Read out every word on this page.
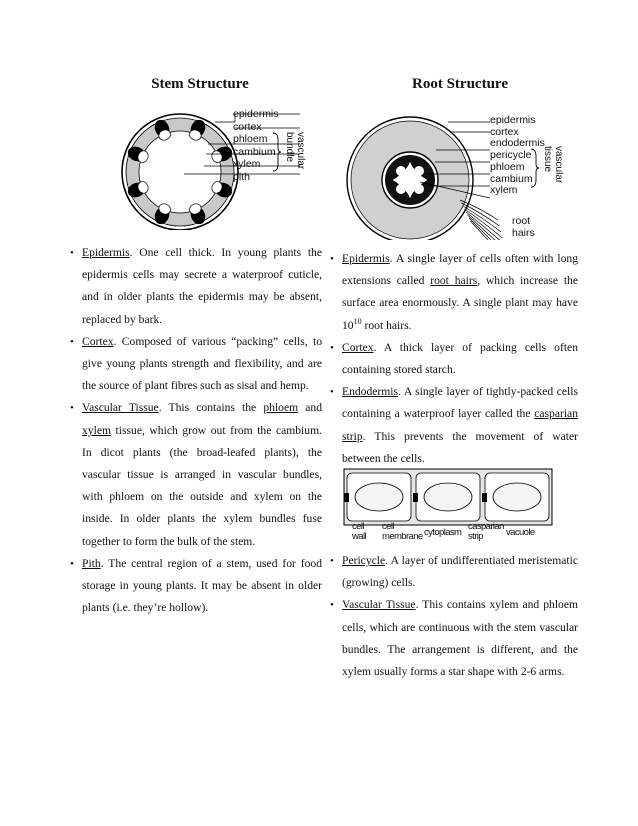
Stem Structure	Root Structure
epidermis
cortex
phloem
cambium
xylem
pith
vascular bundle
epidermis
cortex
endodermis
pericycle
phloem
cambium
xylem
vascular tissue
root hairs
• Epidermis. One cell thick. In young plants the epidermis cells may secrete a waterproof cuticle, and in older plants the epidermis may be absent, replaced by bark.
• Cortex. Composed of various “packing” cells, to give young plants strength and flexibility, and are the source of plant fibres such as sisal and hemp.
• Vascular Tissue. This contains the phloem and xylem tissue, which grow out from the cambium. In dicot plants (the broad-leafed plants), the vascular tissue is arranged in vascular bundles, with phloem on the outside and xylem on the inside. In older plants the xylem bundles fuse together to form the bulk of the stem.
• Pith. The central region of a stem, used for food storage in young plants. It may be absent in older plants (i.e. they’re hollow).
• Epidermis. A single layer of cells often with long extensions called root hairs, which increase the surface area enormously. A single plant may have $10^{10}$ root hairs.
• Cortex. A thick layer of packing cells often containing stored starch.
• Endodermis. A single layer of tightly-packed cells containing a waterproof layer called the casparian strip. This prevents the movement of water between the cells.
cell wall
cell membrane cytoplasm
casparian strip	vacuole
• Pericycle. A layer of undifferentiated meristematic (growing) cells.
• Vascular Tissue. This contains xylem and phloem cells, which are continuous with the stem vascular bundles. The arrangement is different, and the xylem usually forms a star shape with 2-6 arms.
